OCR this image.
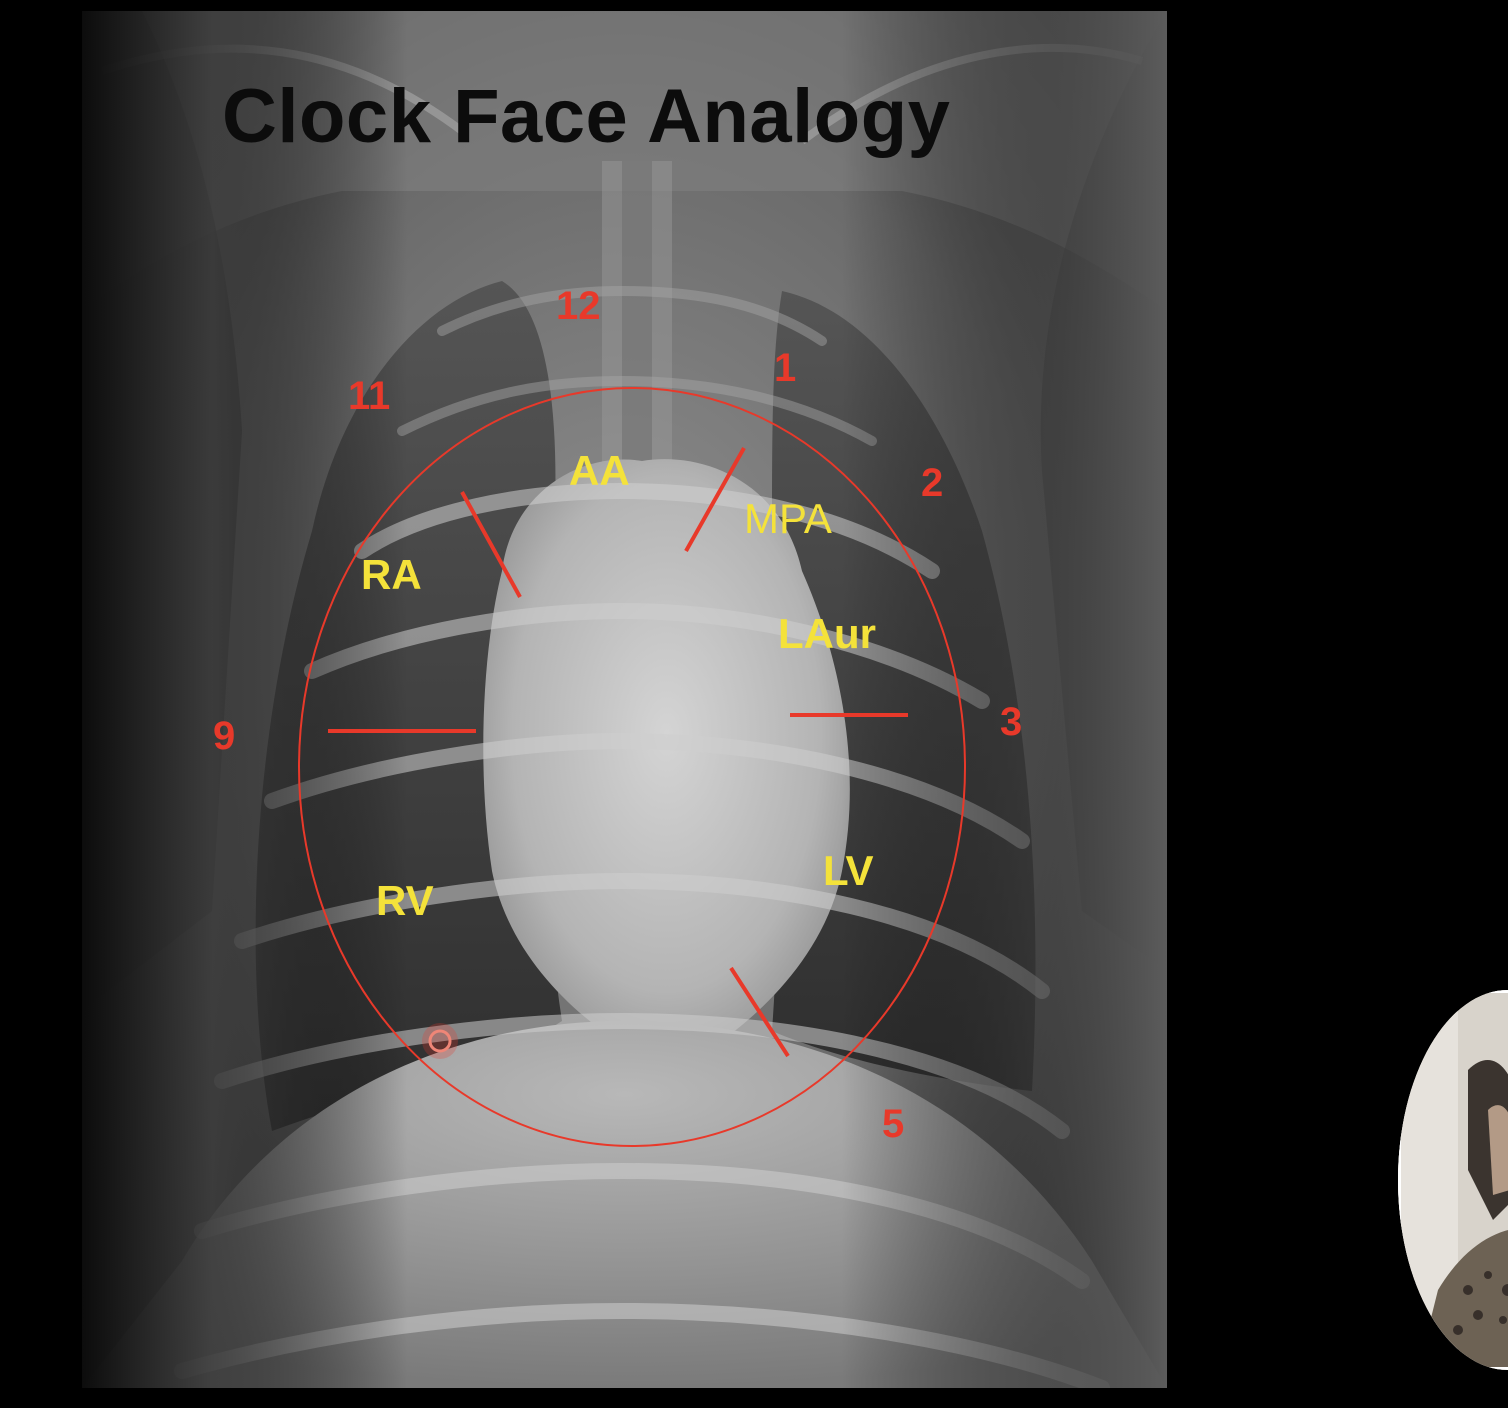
Clock Face Analogy
12
1
11
2
9	3
5
AA
MPA
RA
LAur
LV
RV
